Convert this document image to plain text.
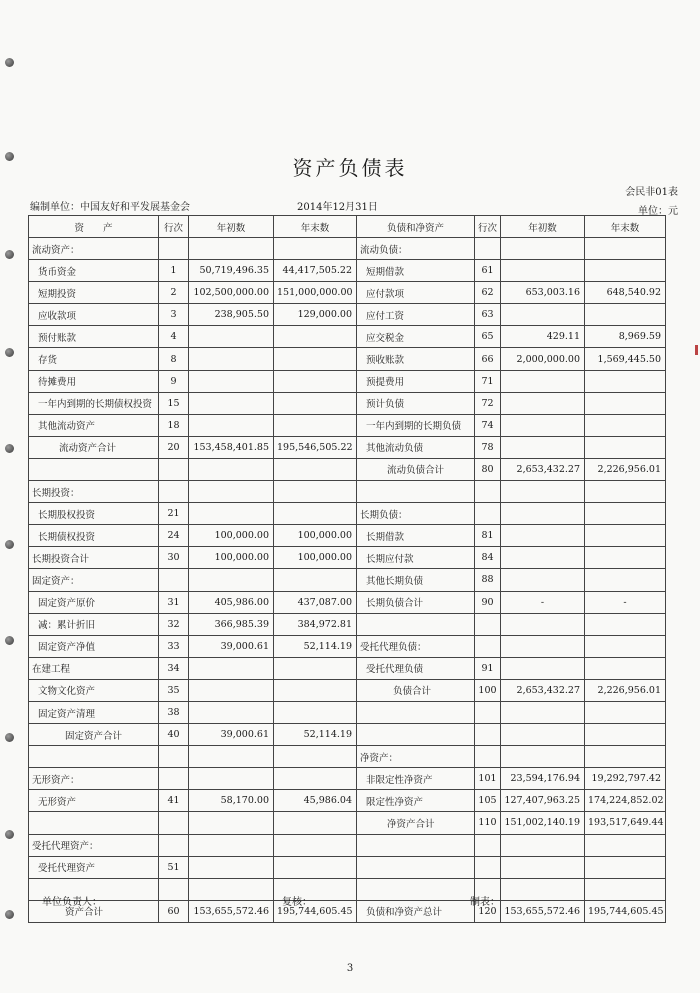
资产负债表
会民非01表
编制单位：中国友好和平发展基金会	2014年12月31日	单位：元
资　　产	行次	年初数	年末数	负债和净资产	行次	年初数	年末数
流动资产：				流动负债：			
货币资金	1	50,719,496.35	44,417,505.22	短期借款	61		
短期投资	2	102,500,000.00	151,000,000.00	应付款项	62	653,003.16	648,540.92
应收款项	3	238,905.50	129,000.00	应付工资	63		
预付账款	4			应交税金	65	429.11	8,969.59
存货	8			预收账款	66	2,000,000.00	1,569,445.50
待摊费用	9			预提费用	71		
一年内到期的长期债权投资	15			预计负债	72		
其他流动资产	18			一年内到期的长期负债	74		
流动资产合计	20	153,458,401.85	195,546,505.22	其他流动负债	78		
				流动负债合计	80	2,653,432.27	2,226,956.01
长期投资：							
长期股权投资	21			长期负债：			
长期债权投资	24	100,000.00	100,000.00	长期借款	81		
长期投资合计	30	100,000.00	100,000.00	长期应付款	84		
固定资产：				其他长期负债	88		
固定资产原价	31	405,986.00	437,087.00	长期负债合计	90	-	-
减：累计折旧	32	366,985.39	384,972.81				
固定资产净值	33	39,000.61	52,114.19	受托代理负债：			
在建工程	34			受托代理负债	91		
文物文化资产	35			负债合计	100	2,653,432.27	2,226,956.01
固定资产清理	38						
固定资产合计	40	39,000.61	52,114.19				
				净资产：			
无形资产：				非限定性净资产	101	23,594,176.94	19,292,797.42
无形资产	41	58,170.00	45,986.04	限定性净资产	105	127,407,963.25	174,224,852.02
				净资产合计	110	151,002,140.19	193,517,649.44
受托代理资产：							
受托代理资产	51						

资产合计	60	153,655,572.46	195,744,605.45	负债和净资产总计	120	153,655,572.46	195,744,605.45
单位负责人：	复核：	制表：
3
